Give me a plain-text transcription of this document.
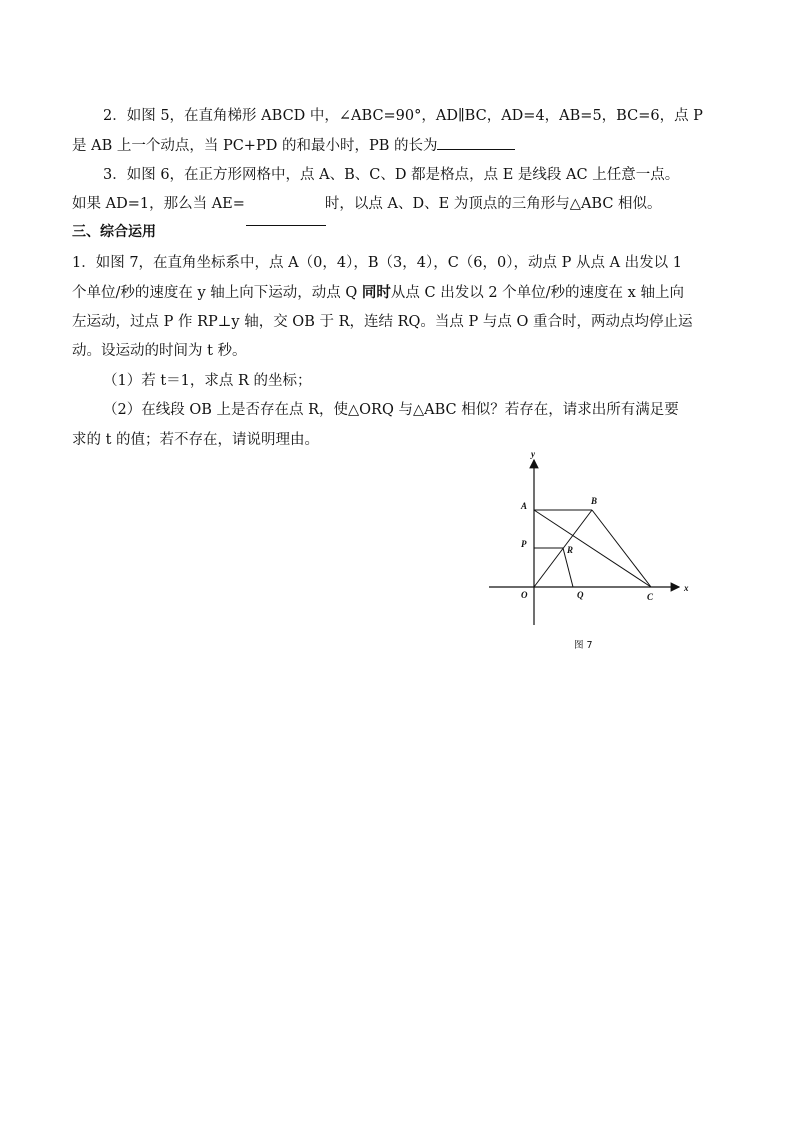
2．如图 5，在直角梯形 ABCD 中，∠ABC=90°，AD∥BC，AD=4，AB=5，BC=6，点 P
是 AB 上一个动点，当 PC+PD 的和最小时，PB 的长为
3．如图 6，在正方形网格中，点 A、B、C、D 都是格点，点 E 是线段 AC 上任意一点。
如果 AD=1，那么当 AE=	时，以点 A、D、E 为顶点的三角形与△ABC 相似。
三、综合运用
1．如图 7，在直角坐标系中，点 A（0，4），B（3，4），C（6，0），动点 P 从点 A 出发以 1
个单位/秒的速度在 y 轴上向下运动，动点 Q 同时从点 C 出发以 2 个单位/秒的速度在 x 轴上向
左运动，过点 P 作 RP⊥y 轴，交 OB 于 R，连结 RQ。当点 P 与点 O 重合时，两动点均停止运
动。设运动的时间为 t 秒。
（1）若 t＝1，求点 R 的坐标；
（2）在线段 OB 上是否存在点 R，使△ORQ 与△ABC 相似？若存在，请求出所有满足要
求的 t 的值；若不存在，请说明理由。
y
x
A	B
P
R
O	Q	C
图 7
